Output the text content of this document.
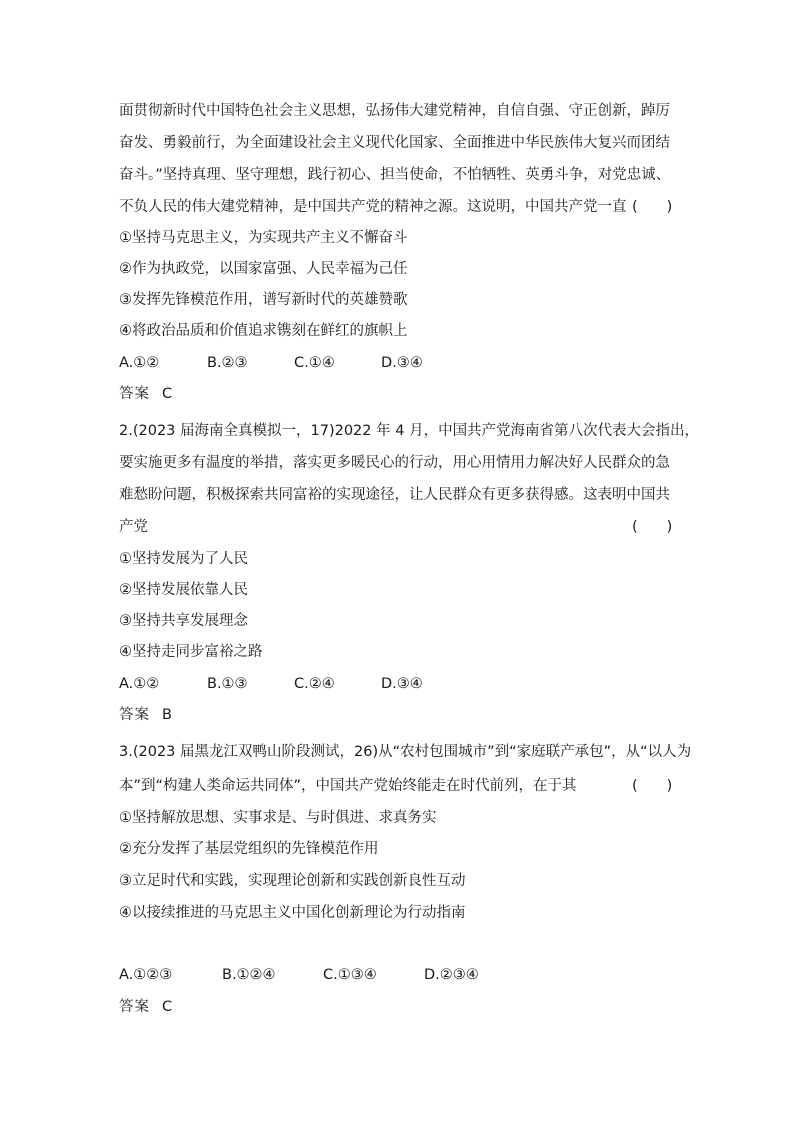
面贯彻新时代中国特色社会主义思想，弘扬伟大建党精神，自信自强、守正创新，踔厉
奋发、勇毅前行，为全面建设社会主义现代化国家、全面推进中华民族伟大复兴而团结
奋斗。”坚持真理、坚守理想，践行初心、担当使命，不怕牺牲、英勇斗争，对党忠诚、
不负人民的伟大建党精神，是中国共产党的精神之源。这说明，中国共产党一直 (　　)
①坚持马克思主义，为实现共产主义不懈奋斗
②作为执政党，以国家富强、人民幸福为己任
③发挥先锋模范作用，谱写新时代的英雄赞歌
④将政治品质和价值追求镌刻在鲜红的旗帜上
A.①②	B.②③	C.①④	D.③④
答案 C
2.(2023 届海南全真模拟一，17)2022 年 4 月，中国共产党海南省第八次代表大会指出，
要实施更多有温度的举措，落实更多暖民心的行动，用心用情用力解决好人民群众的急
难愁盼问题，积极探索共同富裕的实现途径，让人民群众有更多获得感。这表明中国共
产党	(　　)
①坚持发展为了人民
②坚持发展依靠人民
③坚持共享发展理念
④坚持走同步富裕之路
A.①②	B.①③	C.②④	D.③④
答案 B
3.(2023 届黑龙江双鸭山阶段测试，26)从“农村包围城市”到“家庭联产承包”，从“以人为
本”到“构建人类命运共同体”，中国共产党始终能走在时代前列，在于其	(　　)
①坚持解放思想、实事求是、与时俱进、求真务实
②充分发挥了基层党组织的先锋模范作用
③立足时代和实践，实现理论创新和实践创新良性互动
④以接续推进的马克思主义中国化创新理论为行动指南
A.①②③	B.①②④	C.①③④	D.②③④
答案 C
